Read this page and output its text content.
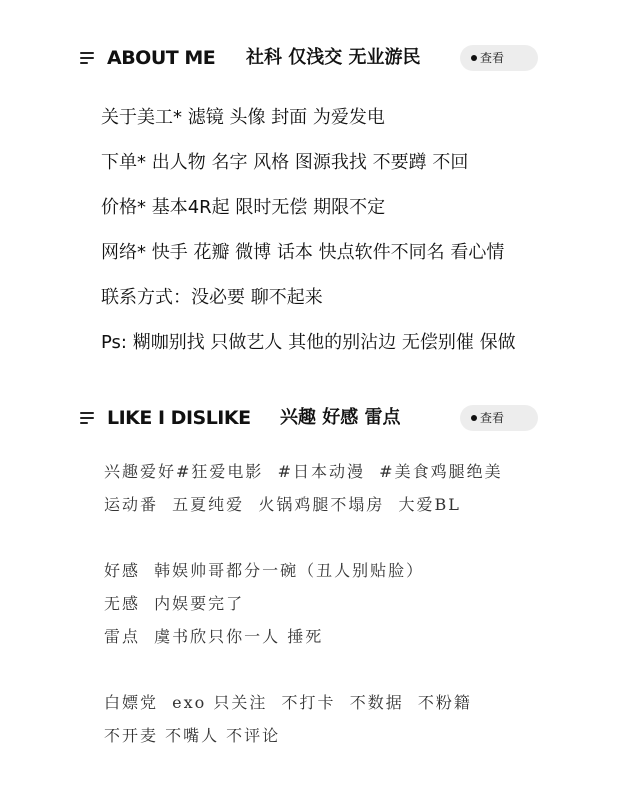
ABOUT ME 社科 仅浅交 无业游民	查看
关于美工* 滤镜 头像 封面 为爱发电
下单* 出人物 名字 风格 图源我找 不要蹲 不回
价格* 基本4R起 限时无偿 期限不定
网络* 快手 花瓣 微博 话本 快点软件不同名 看心情
联系方式：没必要 聊不起来
Ps: 糊咖别找 只做艺人 其他的别沾边 无偿别催 保做
LIKE I DISLIKE 兴趣 好感 雷点	查看
兴趣爱好#狂爱电影  #日本动漫  #美食鸡腿绝美
运动番  五夏纯爱  火锅鸡腿不塌房  大爱BL
好感  韩娱帅哥都分一碗（丑人别贴脸）
无感  内娱要完了
雷点  虞书欣只你一人 捶死
白嫖党  exo 只关注  不打卡  不数据  不粉籍
不开麦 不嘴人 不评论
